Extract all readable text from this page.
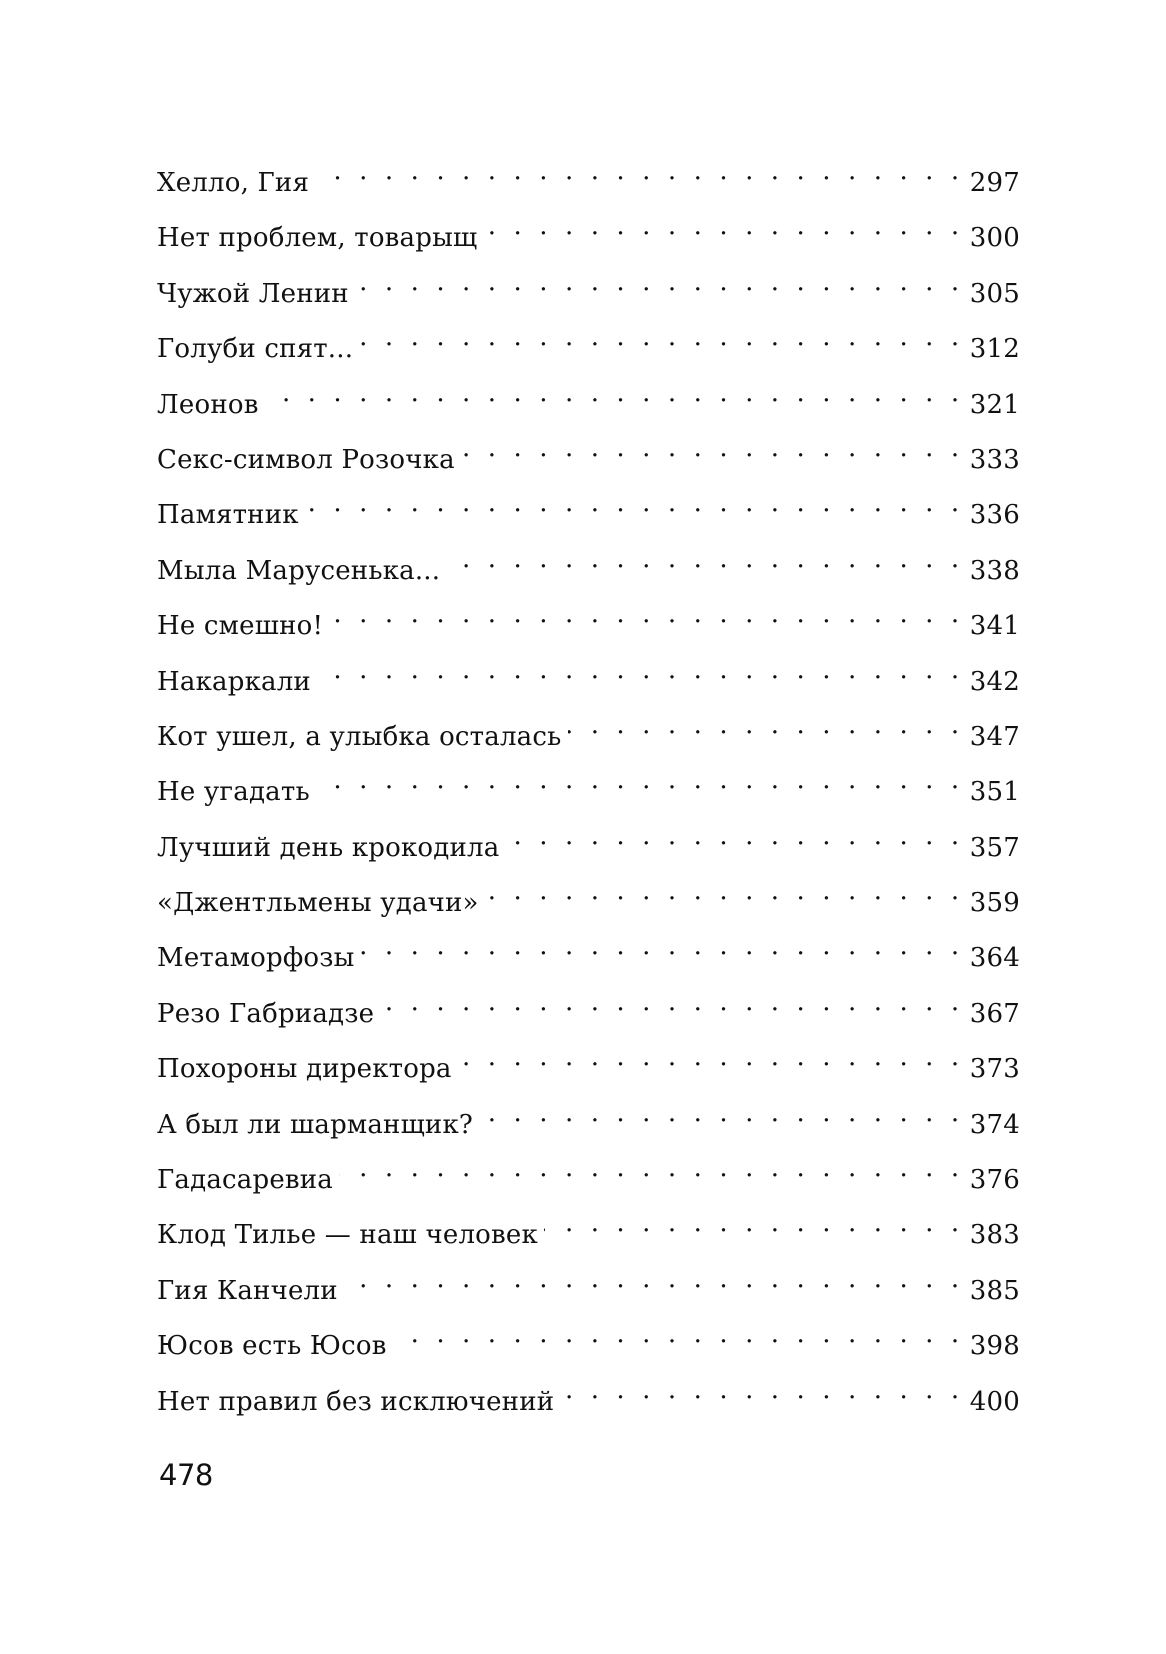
Хелло, Гия . . .	297
Нет проблем, товарыщ . . .	300
Чужой Ленин . . .	305
Голуби спят... . . .	312
Леонов . . .	321
Секс-символ Розочка . . .	333
Памятник . . .	336
Мыла Марусенька... . . .	338
Не смешно! . . .	341
Накаркали . . .	342
Кот ушел, а улыбка осталась . . .	347
Не угадать . . .	351
Лучший день крокодила . . .	357
«Джентльмены удачи» . . .	359
Метаморфозы . . .	364
Резо Габриадзе . . .	367
Похороны директора . . .	373
А был ли шарманщик? . . .	374
Гадасаревиа . . .	376
Клод Тилье — наш человек . . .	383
Гия Канчели . . .	385
Юсов есть Юсов . . .	398
Нет правил без исключений . . .	400
478
